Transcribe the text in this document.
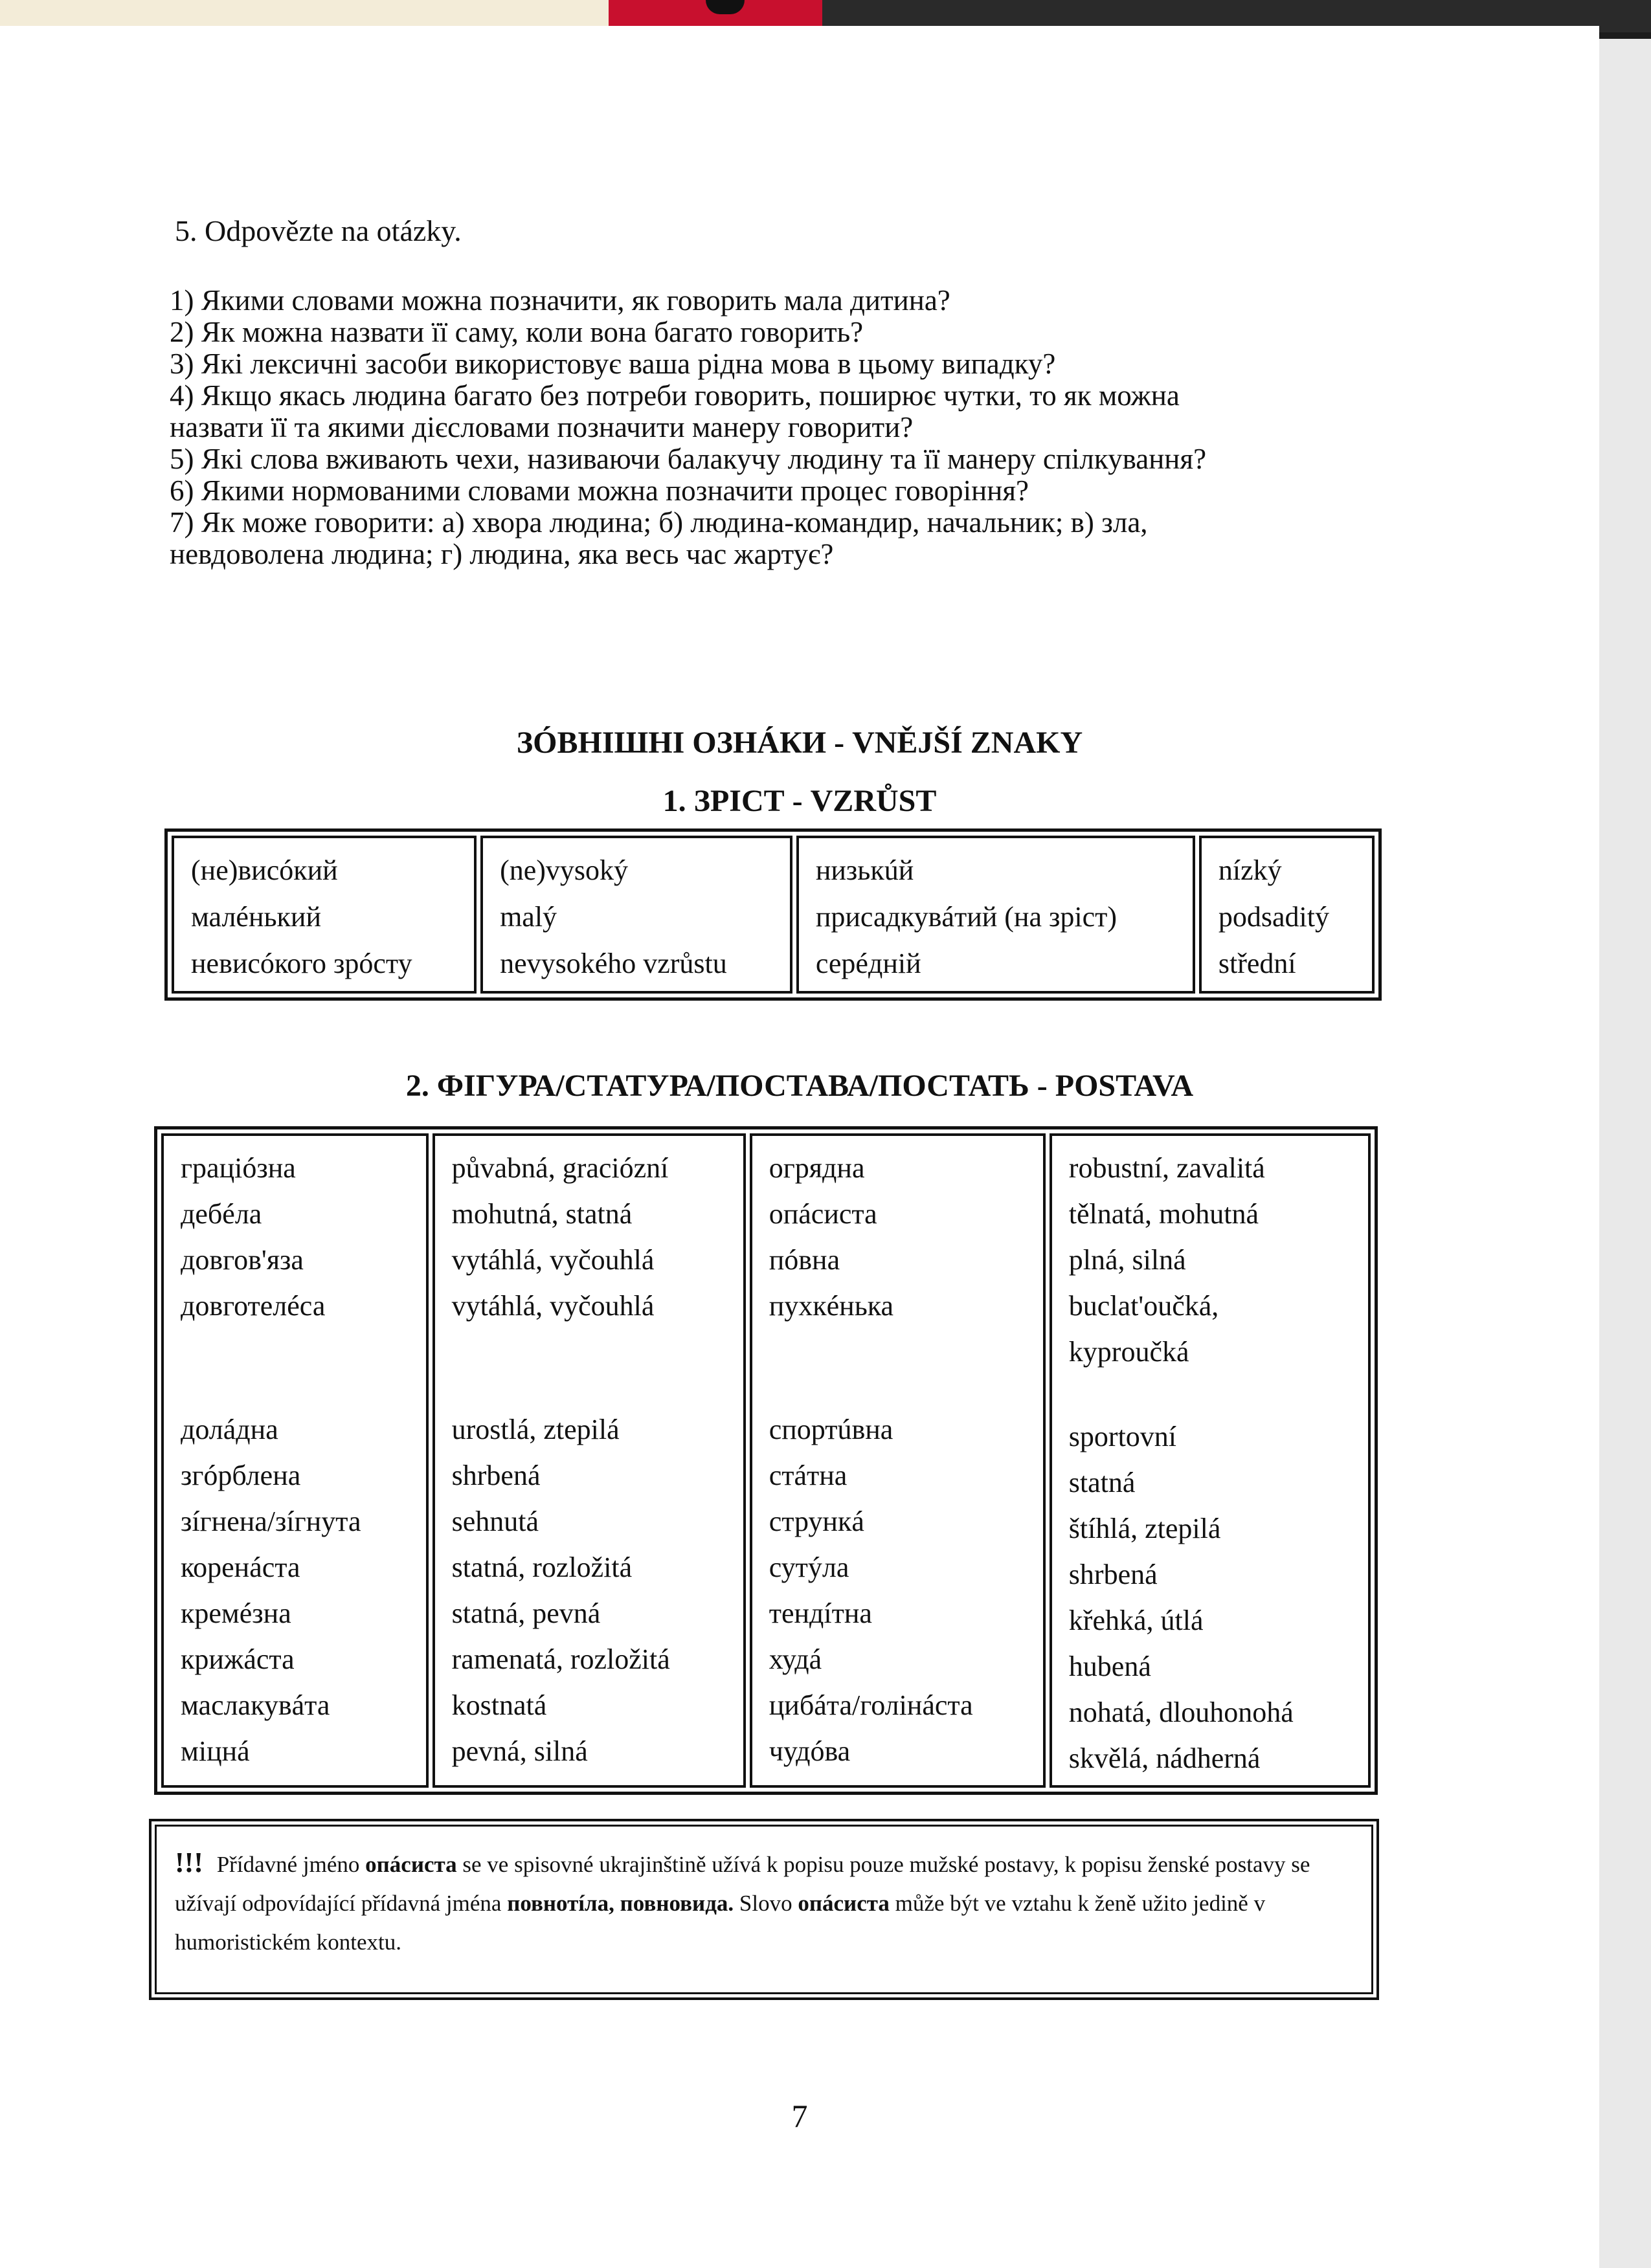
5. Odpovězte na otázky.
1) Якими словами можна позначити, як говорить мала дитина?
2) Як можна назвати її саму, коли вона багато говорить?
3) Які лексичні засоби використовує ваша рідна мова в цьому випадку?
4) Якщо якась людина багато без потреби говорить, поширює чутки, то як можна
назвати її та якими дієсловами позначити манеру говорити?
5) Які слова вживають чехи, називаючи балакучу людину та її манеру спілкування?
6) Якими нормованими словами можна позначити процес говоріння?
7) Як може говорити: а) хвора людина; б) людина-командир, начальник; в) зла,
невдоволена людина; г) людина, яка весь час жартує?
ЗÓВНІШНІ ОЗНÁКИ - VNĚJŠÍ ZNAKY
1. ЗРІСТ - VZRŮST
(не)висóкий
малéнький
невисóкого зрóсту

(ne)vysoký
malý
nevysokého vzrůstu

низькúй
присадкувáтий (на зріст)
серéдній

nízký
podsaditý
střední
2. ФІГУРА/СТАТУРА/ПОСТАВА/ПОСТАТЬ - POSTAVA
граціóзна
дебéла
довгов'яза
довготелéса
долáдна
згóрблена
зíгнена/зíгнута
коренáста
кремéзна
крижáста
маслакувáта
міцнá

půvabná, graciózní
mohutná, statná
vytáhlá, vyčouhlá
vytáhlá, vyčouhlá
urostlá, ztepilá
shrbená
sehnutá
statná, rozložitá
statná, pevná
ramenatá, rozložitá
kostnatá
pevná, silná

огрядна
опáсиста
пóвна
пухкéнька
спортúвна
стáтна
стрункá
сутýла
тендíтна
худá
цибáта/голінáста
чудóва

robustní, zavalitá
tělnatá, mohutná
plná, silná
buclat'oučká,
kyproučká
sportovní
statná
štíhlá, ztepilá
shrbená
křehká, útlá
hubená
nohatá, dlouhonohá
skvělá, nádherná
!!! Přídavné jméno опáсиста se ve spisovné ukrajinštině užívá k popisu pouze mužské postavy, k popisu ženské postavy se užívají odpovídající přídavná jména повнотíла, повновида. Slovo опáсиста může být ve vztahu k ženě užito jedině v humoristickém kontextu.

7
